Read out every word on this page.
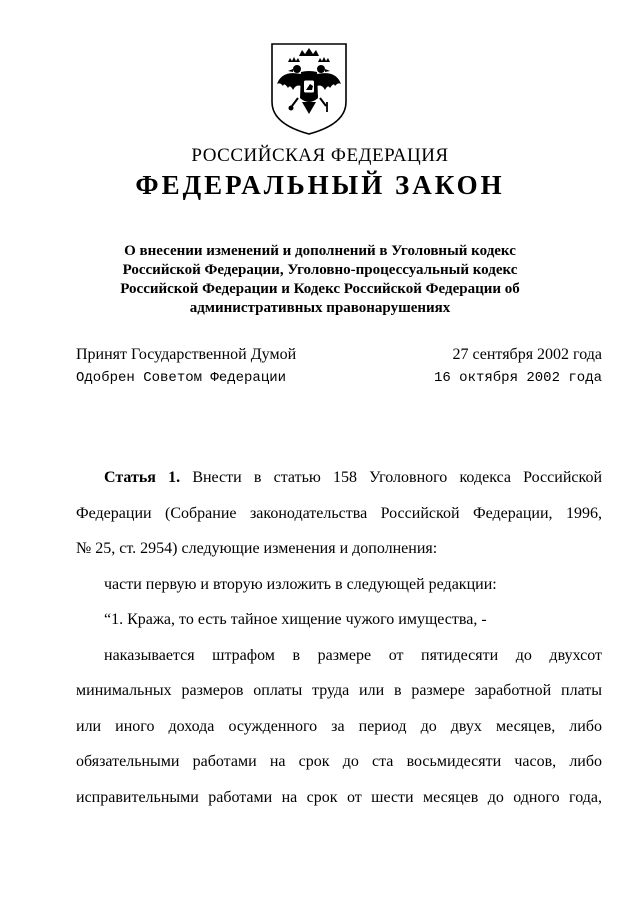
РОССИЙСКАЯ ФЕДЕРАЦИЯ
ФЕДЕРАЛЬНЫЙ ЗАКОН
О внесении изменений и дополнений в Уголовный кодекс
Российской Федерации, Уголовно-процессуальный кодекс
Российской Федерации и Кодекс Российской Федерации об
административных правонарушениях
Принят Государственной Думой	27 сентября 2002 года
Одобрен Советом Федерации	16 октября 2002 года
Статья 1. Внести в статью 158 Уголовного кодекса Российской
Федерации (Собрание законодательства Российской Федерации, 1996,
№ 25, ст. 2954) следующие изменения и дополнения:
части первую и вторую изложить в следующей редакции:
“1. Кража, то есть тайное хищение чужого имущества, -
наказывается штрафом в размере от пятидесяти до двухсот
минимальных размеров оплаты труда или в размере заработной платы
или иного дохода осужденного за период до двух месяцев, либо
обязательными работами на срок до ста восьмидесяти часов, либо
исправительными работами на срок от шести месяцев до одного года,
